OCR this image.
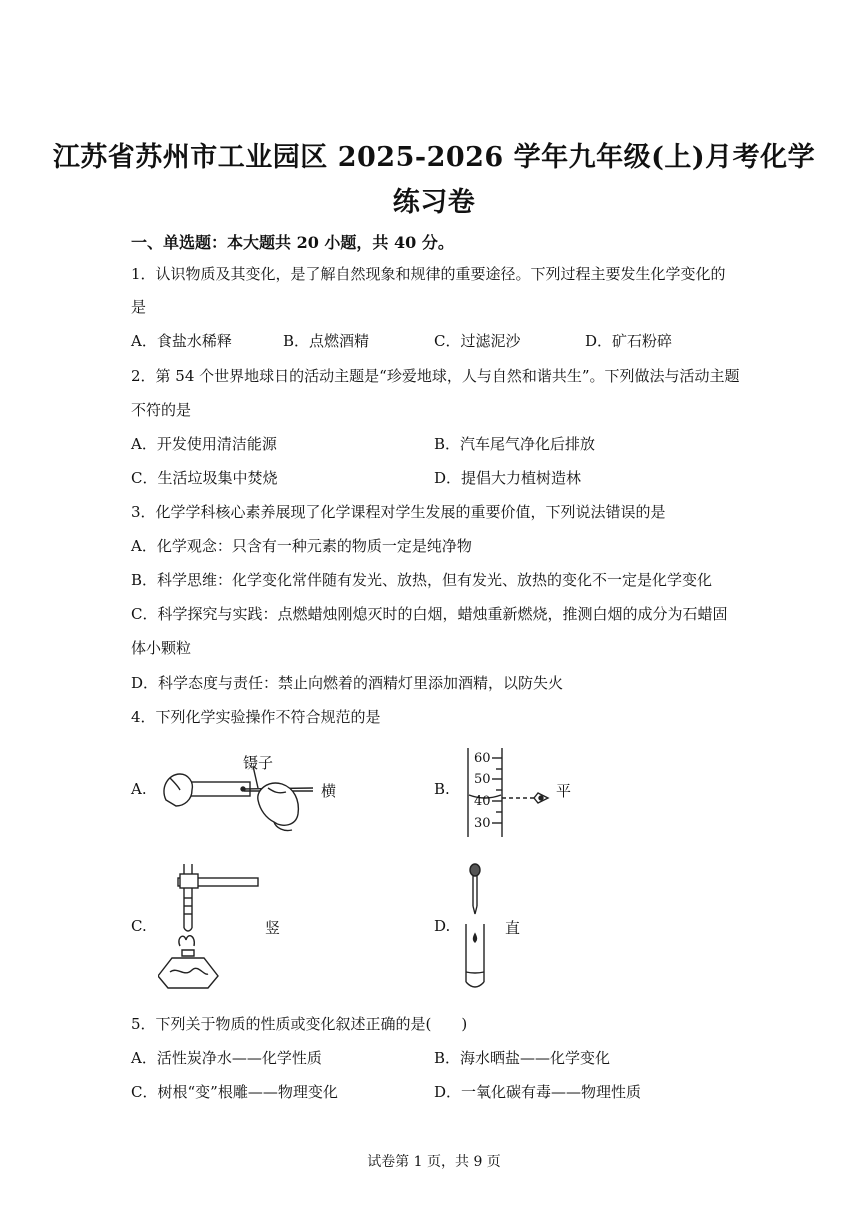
江苏省苏州市工业园区 2025-2026 学年九年级(上)月考化学
练习卷
一、单选题：本大题共 20 小题，共 40 分。
1．认识物质及其变化，是了解自然现象和规律的重要途径。下列过程主要发生化学变化的
是
A．食盐水稀释	B．点燃酒精	C．过滤泥沙	D．矿石粉碎
2．第 54 个世界地球日的活动主题是“珍爱地球，人与自然和谐共生”。下列做法与活动主题
不符的是
A．开发使用清洁能源	B．汽车尾气净化后排放
C．生活垃圾集中焚烧	D．提倡大力植树造林
3．化学学科核心素养展现了化学课程对学生发展的重要价值，下列说法错误的是
A．化学观念：只含有一种元素的物质一定是纯净物
B．科学思维：化学变化常伴随有发光、放热，但有发光、放热的变化不一定是化学变化
C．科学探究与实践：点燃蜡烛刚熄灭时的白烟，蜡烛重新燃烧，推测白烟的成分为石蜡固
体小颗粒
D．科学态度与责任：禁止向燃着的酒精灯里添加酒精，以防失火
4．下列化学实验操作不符合规范的是
A.
镊子
横	B.
60
50
40
30
平
C.	竖	D.	直
5．下列关于物质的性质或变化叙述正确的是(　　)
A．活性炭净水——化学性质	B．海水晒盐——化学变化
C．树根“变”根雕——物理变化	D．一氧化碳有毒——物理性质
试卷第 1 页，共 9 页
